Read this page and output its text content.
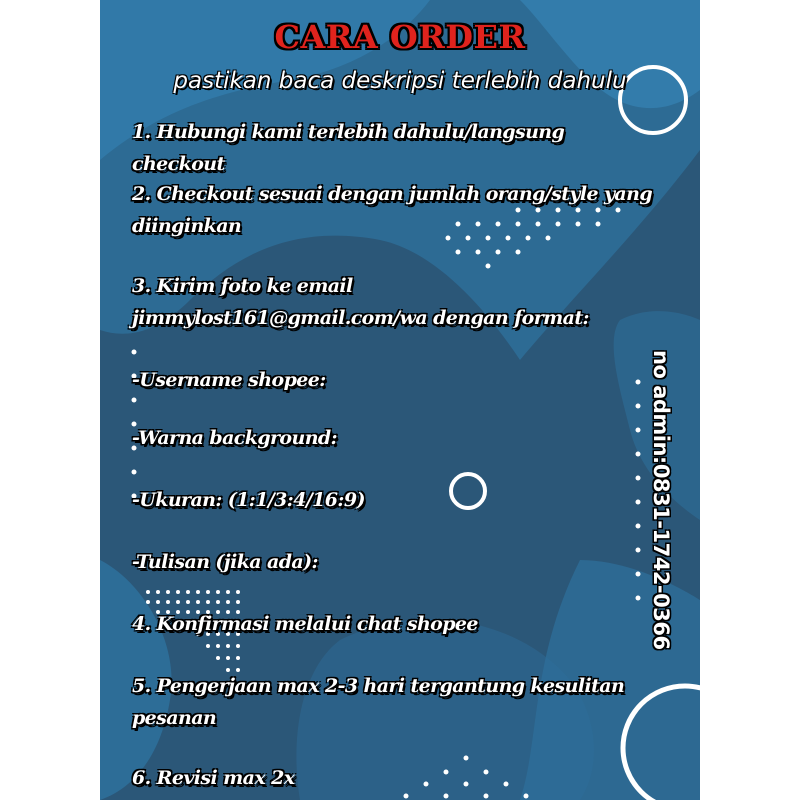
CARA ORDER
pastikan baca deskripsi terlebih dahulu
1. Hubungi kami terlebih dahulu/langsung checkout
2. Checkout sesuai dengan jumlah orang/style yang diinginkan
3. Kirim foto ke email jimmylost161@gmail.com/wa dengan format:
-Username shopee:
-Warna background:
-Ukuran: (1:1/3:4/16:9)
-Tulisan (jika ada):
4. Konfirmasi melalui chat shopee
5. Pengerjaan max 2-3 hari tergantung kesulitan pesanan
6. Revisi max 2x
no admin:0831-1742-0366
